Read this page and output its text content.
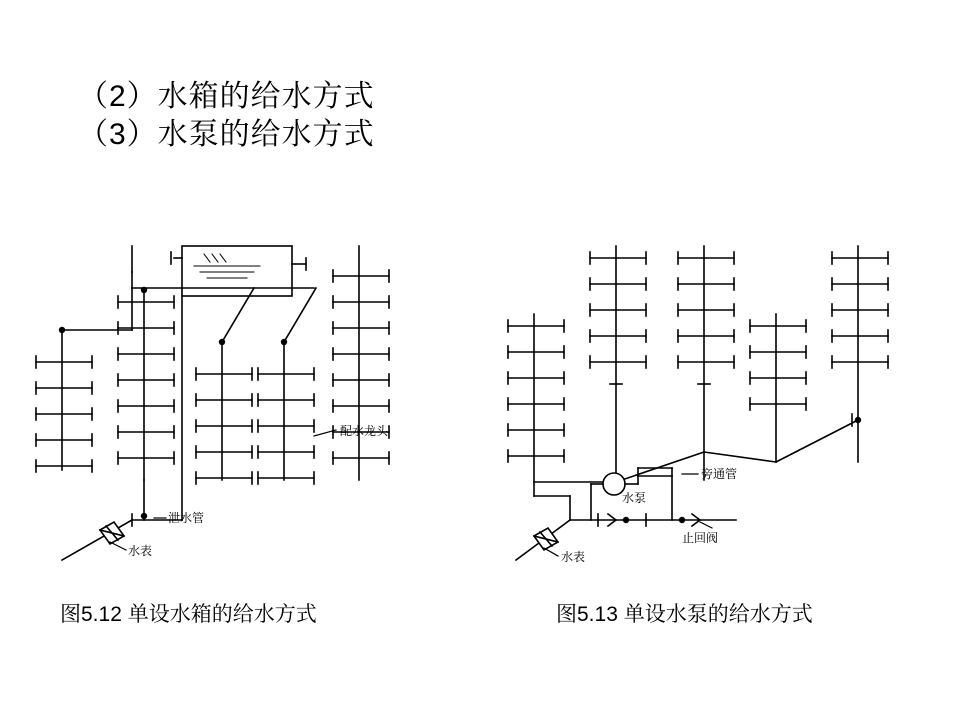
（2）水箱的给水方式
（3）水泵的给水方式
配水龙头
泄水管
水表
水泵
旁通管
止回阀
水表
图5.12 单设水箱的给水方式	图5.13 单设水泵的给水方式
